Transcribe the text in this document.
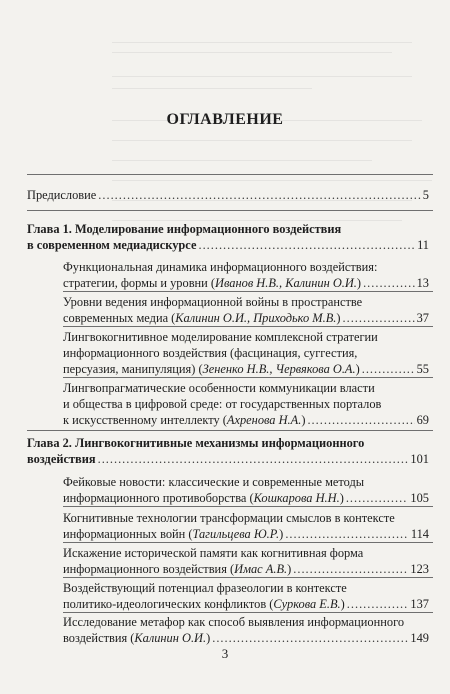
ОГЛАВЛЕНИЕ
Предисловие .....	5
Глава 1. Моделирование информационного воздействия
в современном медиадискурсе .....	11
Функциональная динамика информационного воздействия:
стратегии, формы и уровни (Иванов Н.В., Калинин О.И.) .....	13
Уровни ведения информационной войны в пространстве
современных медиа (Калинин О.И., Приходько М.В.) .....	37
Лингвокогнитивное моделирование комплексной стратегии
информационного воздействия (фасцинация, суггестия,
персуазия, манипуляция) (Зененко Н.В., Червякова О.А.) .....	55
Лингвопрагматические особенности коммуникации власти
и общества в цифровой среде: от государственных порталов
к искусственному интеллекту (Ахренова Н.А.) .....	69
Глава 2. Лингвокогнитивные механизмы информационного
воздействия .....	101
Фейковые новости: классические и современные методы
информационного противоборства (Кошкарова Н.Н.) .....	105
Когнитивные технологии трансформации смыслов в контексте
информационных войн (Тагильцева Ю.Р.) .....	114
Искажение исторической памяти как когнитивная форма
информационного воздействия (Имас А.В.) .....	123
Воздействующий потенциал фразеологии в контексте
политико-идеологических конфликтов (Суркова Е.В.) .....	137
Исследование метафор как способ выявления информационного
воздействия (Калинин О.И.) .....	149
3
